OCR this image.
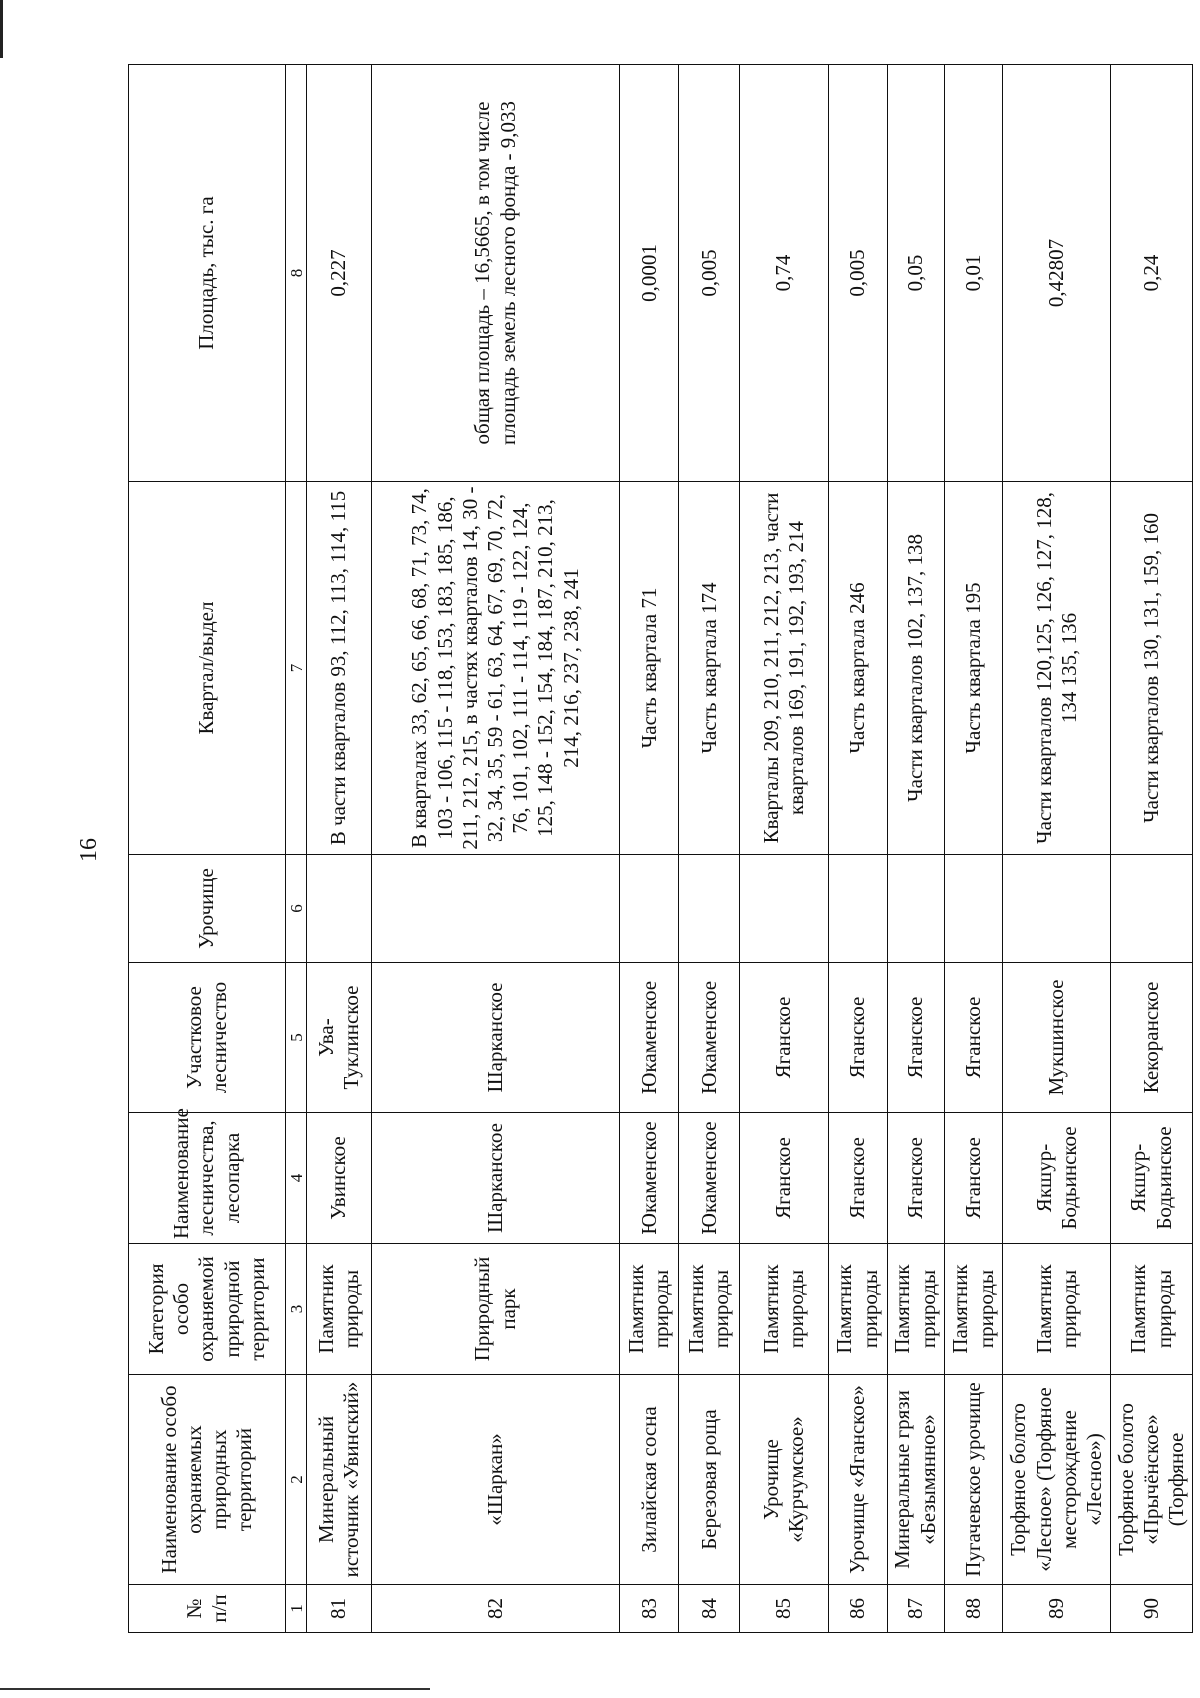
16
№ п/п	Наименование особо охраняемых природных территорий	Категория особо охраняемой природной территории	Наименование лесничества, лесопарка	Участковое лесничество	Урочище	Квартал/выдел	Площадь, тыс. га
1	2	3	4	5	6	7	8
81	Минеральный источник «Увинский»	Памятник природы	Увинское	Ува-Туклинское		В части кварталов 93, 112, 113, 114, 115	0,227
82	«Шаркан»	Природный парк	Шарканское	Шарканское		В кварталах 33, 62, 65, 66, 68, 71, 73, 74, 103 - 106, 115 - 118, 153, 183, 185, 186, 211, 212, 215, в частях кварталов 14, 30 - 32, 34, 35, 59 - 61, 63, 64, 67, 69, 70, 72, 76, 101, 102, 111 - 114, 119 - 122, 124, 125, 148 - 152, 154, 184, 187, 210, 213, 214, 216, 237, 238, 241	общая площадь – 16,5665, в том числе площадь земель лесного фонда - 9,033
83	Зилайская сосна	Памятник природы	Юкаменское	Юкаменское		Часть квартала 71	0,0001
84	Березовая роща	Памятник природы	Юкаменское	Юкаменское		Часть квартала 174	0,005
85	Урочище «Курчумское»	Памятник природы	Яганское	Яганское		Кварталы 209, 210, 211, 212, 213, части кварталов 169, 191, 192, 193, 214	0,74
86	Урочище «Яганское»	Памятник природы	Яганское	Яганское		Часть квартала 246	0,005
87	Минеральные грязи «Безымянное»	Памятник природы	Яганское	Яганское		Части кварталов 102, 137, 138	0,05
88	Пугачевское урочище	Памятник природы	Яганское	Яганское		Часть квартала 195	0,01
89	Торфяное болото «Лесное» (Торфяное месторождение «Лесное»)	Памятник природы	Якшур-Бодьинское	Мукшинское		Части кварталов 120,125, 126, 127, 128, 134 135, 136	0,42807
90	Торфяное болото «Прычёнское» (Торфяное	Памятник природы	Якшур-Бодьинское	Кекоранское		Части кварталов 130, 131, 159, 160	0,24
